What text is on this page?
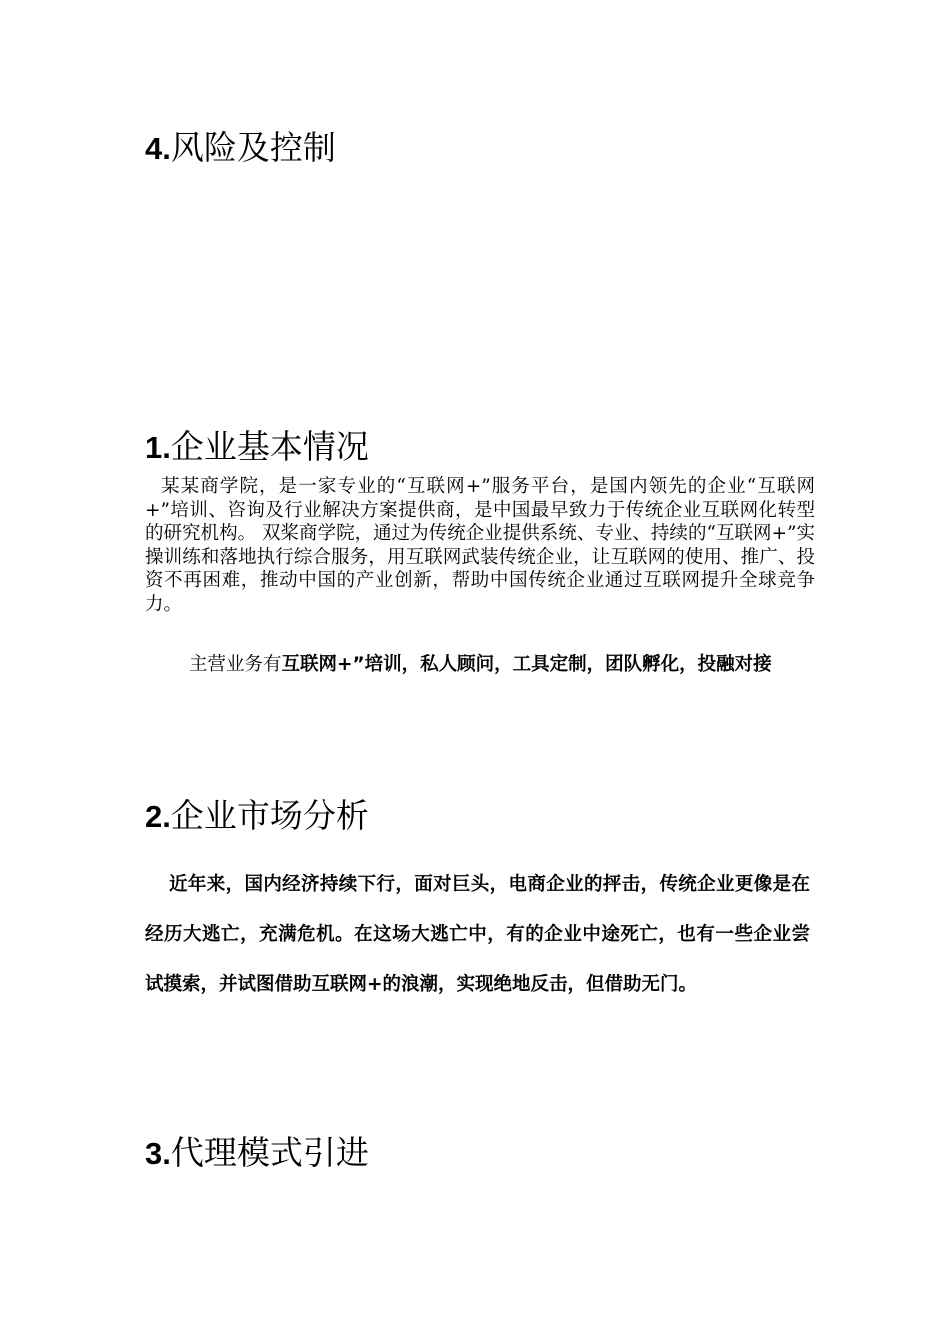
4.风险及控制
1.企业基本情况

某某商学院，是一家专业的“互联网+”服务平台，是国内领先的企业“互联网+”培训、咨询及行业解决方案提供商，是中国最早致力于传统企业互联网化转型的研究机构。 双桨商学院，通过为传统企业提供系统、专业、持续的“互联网+”实操训练和落地执行综合服务，用互联网武装传统企业，让互联网的使用、推广、投资不再困难，推动中国的产业创新，帮助中国传统企业通过互联网提升全球竞争力。

主营业务有互联网+”培训，私人顾问，工具定制，团队孵化，投融对接

2.企业市场分析

近年来，国内经济持续下行，面对巨头，电商企业的抨击，传统企业更像是在经历大逃亡，充满危机。在这场大逃亡中，有的企业中途死亡，也有一些企业尝试摸索，并试图借助互联网+的浪潮，实现绝地反击，但借助无门。

3.代理模式引进
